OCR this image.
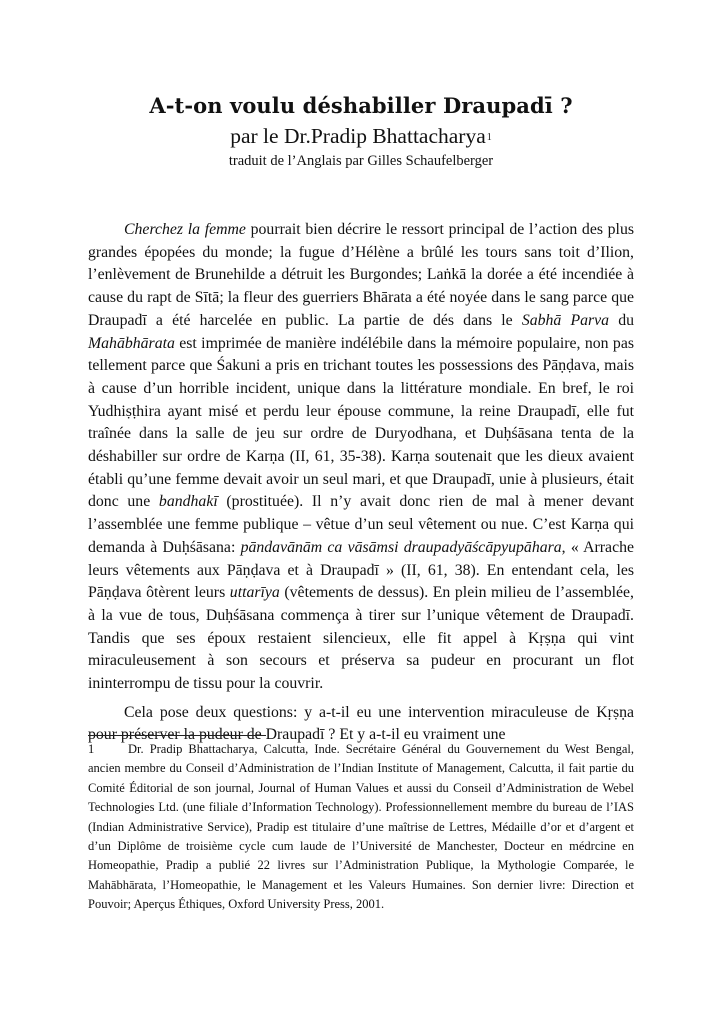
A-t-on voulu déshabiller Draupadī ?
par le Dr.Pradip Bhattacharya$^1$
traduit de l’Anglais par Gilles Schaufelberger

Cherchez la femme pourrait bien décrire le ressort principal de l’action des plus grandes épopées du monde; la fugue d’Hélène a brûlé les tours sans toit d’Ilion, l’enlèvement de Brunehilde a détruit les Burgondes; Laṅkā la dorée a été incendiée à cause du rapt de Sītā; la fleur des guerriers Bhārata a été noyée dans le sang parce que Draupadī a été harcelée en public. La partie de dés dans le Sabhā Parva du Mahābhārata est imprimée de manière indélébile dans la mémoire populaire, non pas tellement parce que Śakuni a pris en trichant toutes les possessions des Pāṇḍava, mais à cause d’un horrible incident, unique dans la littérature mondiale. En bref, le roi Yudhiṣṭhira ayant misé et perdu leur épouse commune, la reine Draupadī, elle fut traînée dans la salle de jeu sur ordre de Duryodhana, et Duḥśāsana tenta de la déshabiller sur ordre de Karṇa (II, 61, 35-38). Karṇa soutenait que les dieux avaient établi qu’une femme devait avoir un seul mari, et que Draupadī, unie à plusieurs, était donc une bandhakī (prostituée). Il n’y avait donc rien de mal à mener devant l’assemblée une femme publique – vêtue d’un seul vêtement ou nue. C’est Karṇa qui demanda à Duḥśāsana: pāndavānām ca vāsāmsi draupadyāścāpyupāhara, « Arrache leurs vêtements aux Pāṇḍava et à Draupadī » (II, 61, 38). En entendant cela, les Pāṇḍava ôtèrent leurs uttarīya (vêtements de dessus). En plein milieu de l’assemblée, à la vue de tous, Duḥśāsana commença à tirer sur l’unique vêtement de Draupadī. Tandis que ses époux restaient silencieux, elle fit appel à Kṛṣṇa qui vint miraculeusement à son secours et préserva sa pudeur en procurant un flot ininterrompu de tissu pour la couvrir.

Cela pose deux questions: y a-t-il eu une intervention miraculeuse de Kṛṣṇa pour préserver la pudeur de Draupadī ? Et y a-t-il eu vraiment une

1	Dr. Pradip Bhattacharya, Calcutta, Inde. Secrétaire Général du Gouvernement du West Bengal, ancien membre du Conseil d’Administration de l’Indian Institute of Management, Calcutta, il fait partie du Comité Éditorial de son journal, Journal of Human Values et aussi du Conseil d’Administration de Webel Technologies Ltd. (une filiale d’Information Technology). Professionnellement membre du bureau de l’IAS (Indian Administrative Service), Pradip est titulaire d’une maîtrise de Lettres, Médaille d’or et d’argent et d’un Diplôme de troisième cycle cum laude de l’Université de Manchester, Docteur en médrcine en Homeopathie, Pradip a publié 22 livres sur l’Administration Publique, la Mythologie Comparée, le Mahābhārata, l’Homeopathie, le Management et les Valeurs Humaines. Son dernier livre: Direction et Pouvoir; Aperçus Éthiques, Oxford University Press, 2001.
